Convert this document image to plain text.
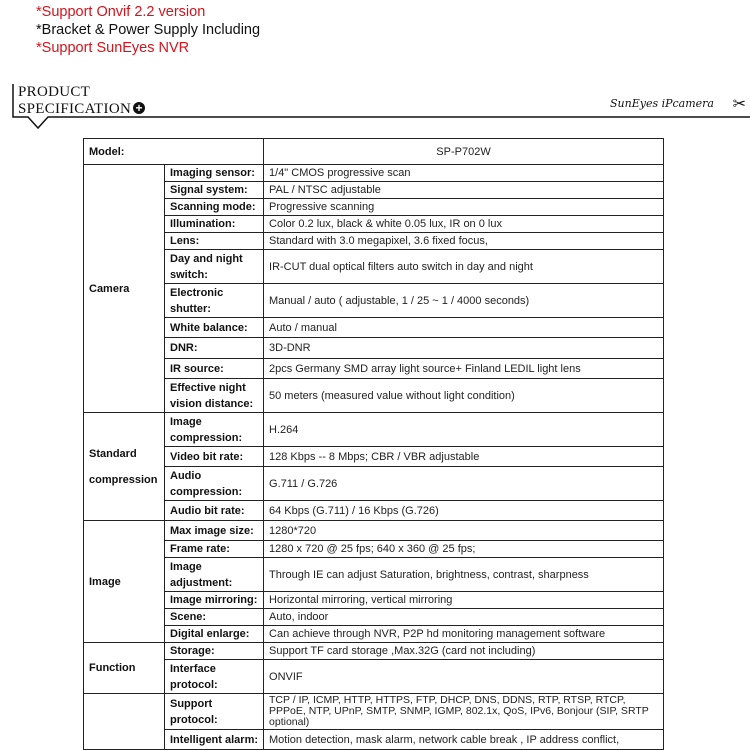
*Support Onvif 2.2 version
*Bracket & Power Supply Including
*Support SunEyes NVR
PRODUCT
SPECIFICATION +	SunEyes iPcamera ✂
Model:		SP-P702W
Camera	Imaging sensor:	1/4" CMOS progressive scan
	Signal system:	PAL / NTSC adjustable
	Scanning mode:	Progressive scanning
	Illumination:	Color 0.2 lux, black & white 0.05 lux, IR on 0 lux
	Lens:	Standard with 3.0 megapixel, 3.6 fixed focus,
	Day and night switch:	IR-CUT dual optical filters auto switch in day and night
	Electronic shutter:	Manual / auto ( adjustable, 1 / 25 ~ 1 / 4000 seconds)
	White balance:	Auto / manual
	DNR:	3D-DNR
	IR source:	2pcs Germany SMD array light source+ Finland LEDIL light lens
	Effective night vision distance:	50 meters (measured value without light condition)
Standard compression	Image compression:	H.264
	Video bit rate:	128 Kbps -- 8 Mbps; CBR / VBR adjustable
	Audio compression:	G.711 / G.726
	Audio bit rate:	64 Kbps (G.711) / 16 Kbps (G.726)
Image	Max image size:	1280*720
	Frame rate:	1280 x 720 @ 25 fps; 640 x 360 @ 25 fps;
	Image adjustment:	Through IE can adjust Saturation, brightness, contrast, sharpness
	Image mirroring:	Horizontal mirroring, vertical mirroring
	Scene:	Auto, indoor
	Digital enlarge:	Can achieve through NVR, P2P hd monitoring management software
Function	Storage:	Support TF card storage ,Max.32G (card not including)
	Interface protocol:	ONVIF
	Support protocol:	TCP / IP, ICMP, HTTP, HTTPS, FTP, DHCP, DNS, DDNS, RTP, RTSP, RTCP, PPPoE, NTP, UPnP, SMTP, SNMP, IGMP, 802.1x, QoS, IPv6, Bonjour (SIP, SRTP optional)
	Intelligent alarm:	Motion detection, mask alarm, network cable break , IP address conflict,
